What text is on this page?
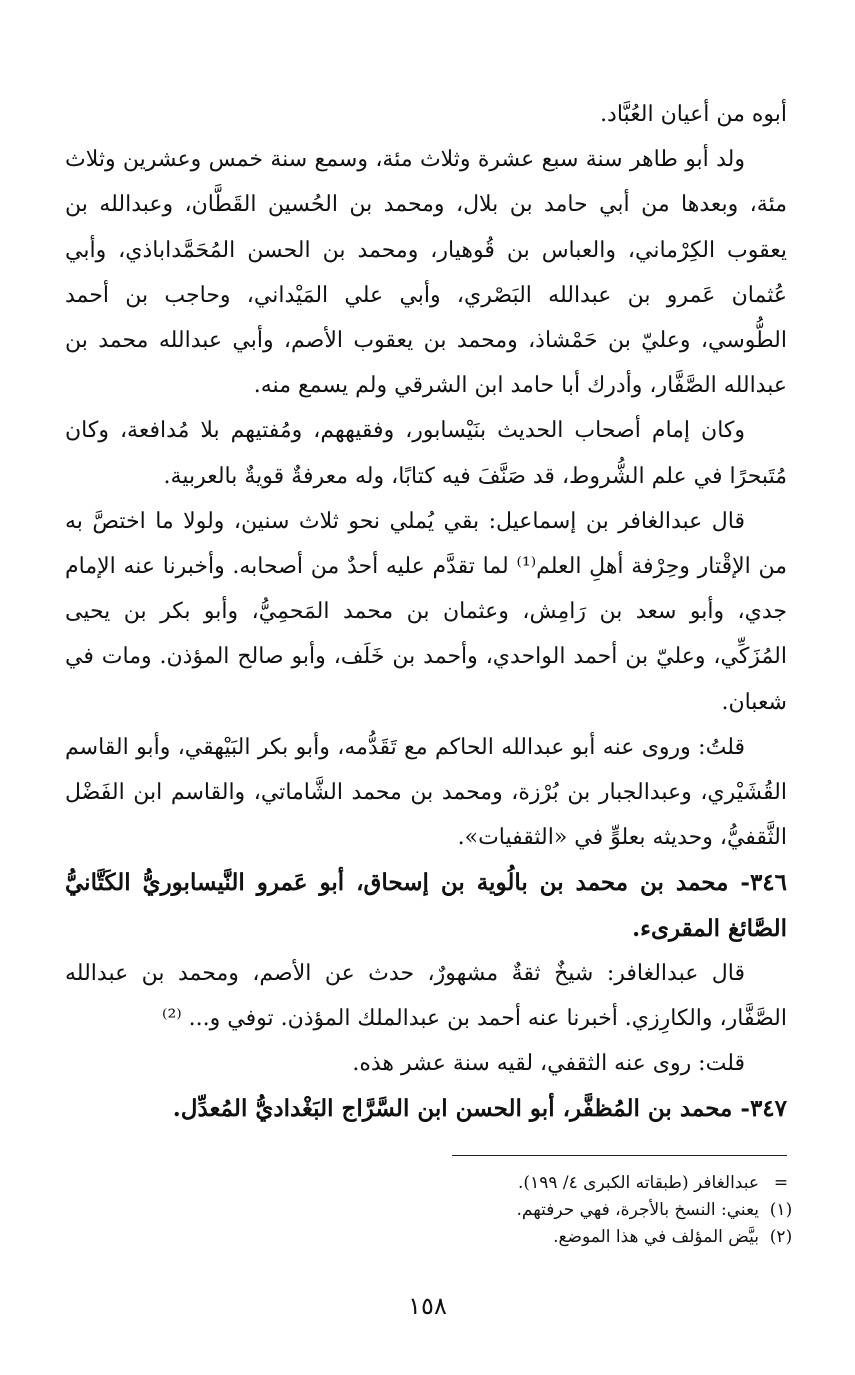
أبوه من أعيان العُبَّاد.

ولد أبو طاهر سنة سبع عشرة وثلاث مئة، وسمع سنة خمس وعشرين وثلاث مئة، وبعدها من أبي حامد بن بلال، ومحمد بن الحُسين القَطَّان، وعبدالله بن يعقوب الكِرْماني، والعباس بن قُوهيار، ومحمد بن الحسن المُحَمَّداباذي، وأبي عُثمان عَمرو بن عبدالله البَصْري، وأبي علي المَيْداني، وحاجب بن أحمد الطُّوسي، وعليّ بن حَمْشاذ، ومحمد بن يعقوب الأصم، وأبي عبدالله محمد بن عبدالله الصَّفَّار، وأدرك أبا حامد ابن الشرقي ولم يسمع منه.

وكان إمام أصحاب الحديث بنَيْسابور، وفقيههم، ومُفتيهم بلا مُدافعة، وكان مُتَبحرًا في علم الشُّروط، قد صَنَّفَ فيه كتابًا، وله معرفةٌ قويةٌ بالعربية.

قال عبدالغافر بن إسماعيل: بقي يُملي نحو ثلاث سنين، ولولا ما اختصَّ به من الإقْتار وحِرْفة أهلِ العلم⁽¹⁾ لما تقدَّم عليه أحدٌ من أصحابه. وأخبرنا عنه الإمام جدي، وأبو سعد بن رَامِش، وعثمان بن محمد المَحمِيُّ، وأبو بكر بن يحيى المُزَكِّي، وعليّ بن أحمد الواحدي، وأحمد بن خَلَف، وأبو صالح المؤذن. ومات في شعبان.

قلتُ: وروى عنه أبو عبدالله الحاكم مع تَقَدُّمه، وأبو بكر البَيْهقي، وأبو القاسم القُشَيْري، وعبدالجبار بن بُرْزة، ومحمد بن محمد الشَّاماتي، والقاسم ابن الفَضْل الثَّقفيُّ، وحديثه بعلوٍّ في «الثقفيات».

٣٤٦- محمد بن محمد بن بالُوية بن إسحاق، أبو عَمرو النَّيسابوريُّ الكَتَّانيُّ الصَّائغ المقرىء.

قال عبدالغافر: شيخٌ ثقةٌ مشهورٌ، حدث عن الأصم، ومحمد بن عبدالله الصَّفَّار، والكارِزي. أخبرنا عنه أحمد بن عبدالملك المؤذن. توفي و... ⁽²⁾

قلت: روى عنه الثقفي، لقيه سنة عشر هذه.

٣٤٧- محمد بن المُظفَّر، أبو الحسن ابن السَّرَّاج البَغْداديُّ المُعدِّل.

=
عبدالغافر (طبقاته الكبرى ٤/ ١٩٩).
(١)
يعني: النسخ بالأجرة، فهي حرفتهم.
(٢)
بيَّض المؤلف في هذا الموضع.
١٥٨
